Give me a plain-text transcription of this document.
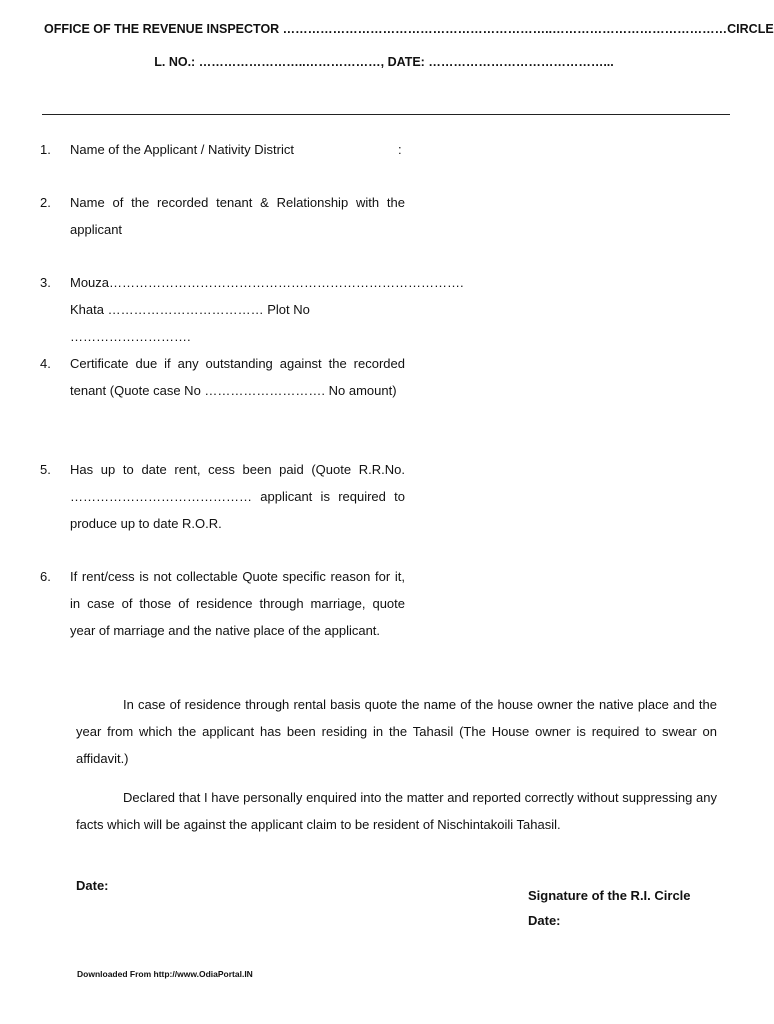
OFFICE OF THE REVENUE INSPECTOR ………………………………………………………..…………………………………… CIRCLE
L. NO.: ……………………..………………, DATE: ……………………………………...
1. Name of the Applicant / Nativity District	:
2. Name of the recorded tenant & Relationship with the applicant
3. Mouza……………………………………………………………………….
Khata ……………………………… Plot No ……………………….
4. Certificate due if any outstanding against the recorded tenant (Quote case No ………………………. No amount)
5. Has up to date rent, cess been paid (Quote R.R.No. …………………………………… applicant is required to produce up to date R.O.R.
6. If rent/cess is not collectable Quote specific reason for it, in case of those of residence through marriage, quote year of marriage and the native place of the applicant.
In case of residence through rental basis quote the name of the house owner the native place and the year from which the applicant has been residing in the Tahasil (The House owner is required to swear on affidavit.)
Declared that I have personally enquired into the matter and reported correctly without suppressing any facts which will be against the applicant claim to be resident of Nischintakoili Tahasil.
Date:
Signature of the R.I. Circle
Date:
Downloaded From http://www.OdiaPortal.IN
